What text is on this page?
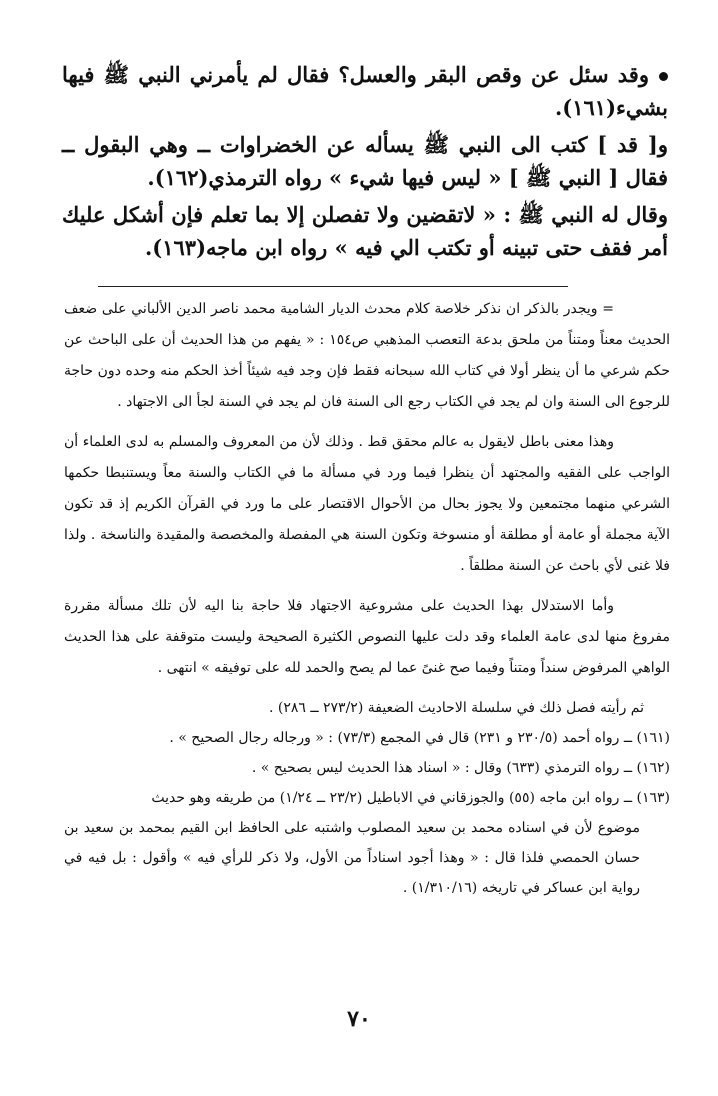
وقد سئل عن وقص البقر والعسل؟ فقال لم يأمرني النبي ﷺ فيها بشيء(١٦١).

و[ قد ] كتب الى النبي ﷺ يسأله عن الخضراوات ــ وهي البقول ــ فقال [ النبي ﷺ ] « ليس فيها شيء » رواه الترمذي(١٦٢).

وقال له النبي ﷺ : « لاتقضين ولا تفصلن إلا بما تعلم فإن أشكل عليك أمر فقف حتى تبينه أو تكتب الي فيه » رواه ابن ماجه(١٦٣).

= ويجدر بالذكر ان نذكر خلاصة كلام محدث الديار الشامية محمد ناصر الدين الألباني على ضعف الحديث معناً ومتناً من ملحق بدعة التعصب المذهبي ص١٥٤ : « يفهم من هذا الحديث أن على الباحث عن حكم شرعي ما أن ينظر أولا في كتاب الله سبحانه فقط فإن وجد فيه شيئاً أخذ الحكم منه وحده دون حاجة للرجوع الى السنة وان لم يجد في الكتاب رجع الى السنة فان لم يجد في السنة لجأ الى الاجتهاد .
وهذا معنى باطل لايقول به عالم محقق قط . وذلك لأن من المعروف والمسلم به لدى العلماء أن الواجب على الفقيه والمجتهد أن ينظرا فيما ورد في مسألة ما في الكتاب والسنة معاً ويستنبطا حكمها الشرعي منهما مجتمعين ولا يجوز بحال من الأحوال الاقتصار على ما ورد في القرآن الكريم إذ قد تكون الآية مجملة أو عامة أو مطلقة أو منسوخة وتكون السنة هي المفصلة والمخصصة والمقيدة والناسخة . ولذا فلا غنى لأي باحث عن السنة مطلقاً .
وأما الاستدلال بهذا الحديث على مشروعية الاجتهاد فلا حاجة بنا اليه لأن تلك مسألة مقررة مفروغ منها لدى عامة العلماء وقد دلت عليها النصوص الكثيرة الصحيحة وليست متوقفة على هذا الحديث الواهي المرفوض سنداً ومتناً وفيما صح غنىً عما لم يصح والحمد لله على توفيقه » انتهى .

ثم رأيته فصل ذلك في سلسلة الاحاديث الضعيفة (٢٧٣/٢ ــ ٢٨٦) .

(١٦١) ــ رواه أحمد (٢٣٠/٥ و ٢٣١) قال في المجمع (٧٣/٣) : « ورجاله رجال الصحيح » .

(١٦٢) ــ رواه الترمذي (٦٣٣) وقال : « اسناد هذا الحديث ليس بصحيح » .

(١٦٣) ــ رواه ابن ماجه (٥٥) والجوزقاني في الاباطيل (٢٣/٢ ــ ١/٢٤) من طريقه وهو حديث

موضوع لأن في اسناده محمد بن سعيد المصلوب واشتبه على الحافظ ابن القيم بمحمد بن سعيد بن حسان الحمصي فلذا قال : « وهذا أجود اسناداً من الأول، ولا ذكر للرأي فيه » وأقول : بل فيه في رواية ابن عساكر في تاريخه (١/٣١٠/١٦) .

٧٠
